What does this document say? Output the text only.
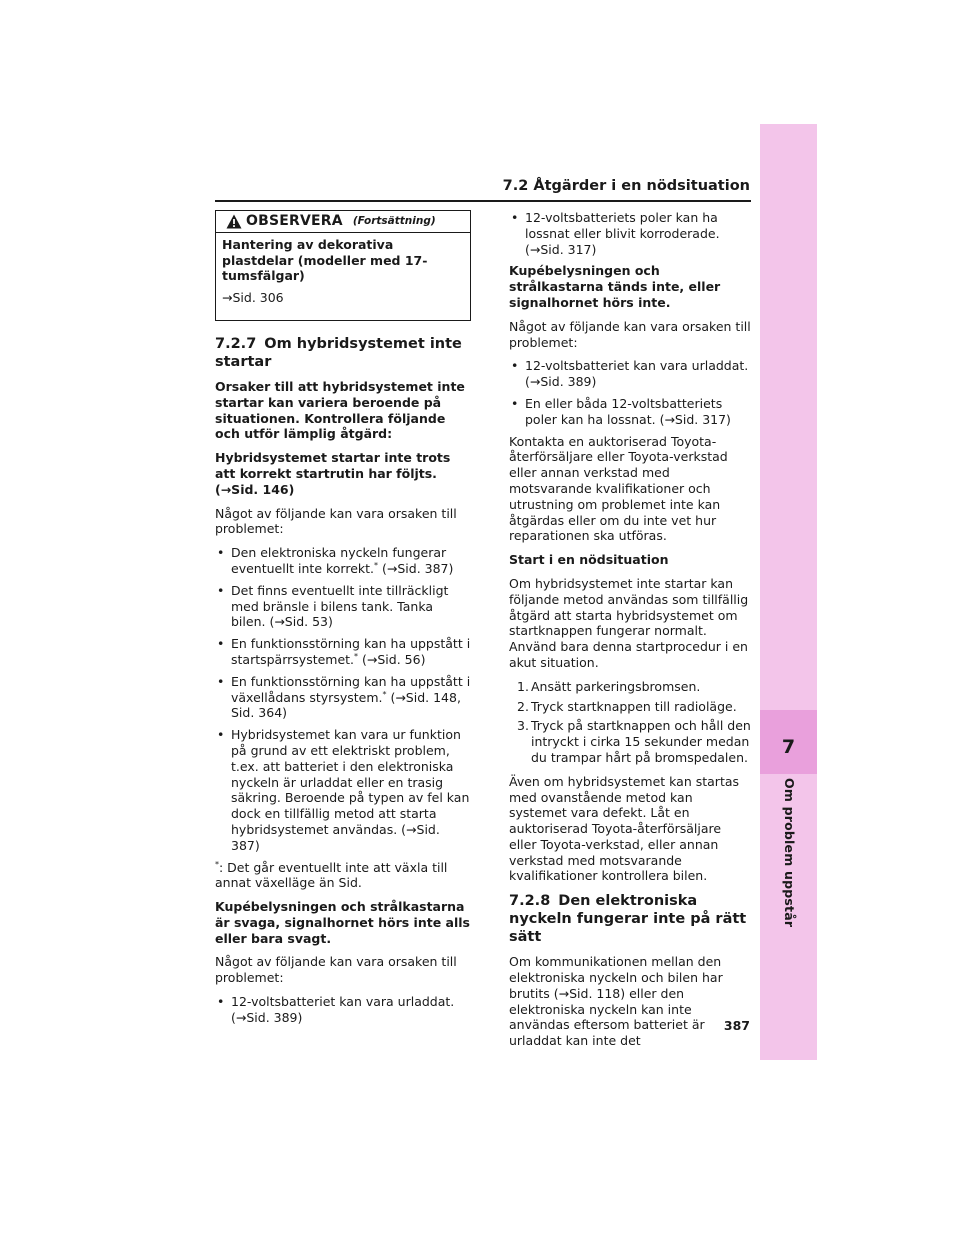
7
Om problem uppstår
7.2 Åtgärder i en nödsituation
OBSERVERA (Fortsättning)

Hantering av dekorativa plastdelar (modeller med 17-tumsfälgar)

→Sid. 306

7.2.7 Om hybridsystemet inte startar

Orsaker till att hybridsystemet inte startar kan variera beroende på situationen. Kontrollera följande och utför lämplig åtgärd:

Hybridsystemet startar inte trots att korrekt startrutin har följts. (→Sid. 146)

Något av följande kan vara orsaken till problemet:

• Den elektroniska nyckeln fungerar eventuellt inte korrekt.* (→Sid. 387)
• Det finns eventuellt inte tillräckligt med bränsle i bilens tank. Tanka bilen. (→Sid. 53)
• En funktionsstörning kan ha uppstått i startspärrsystemet.* (→Sid. 56)
• En funktionsstörning kan ha uppstått i växellådans styrsystem.* (→Sid. 148, Sid. 364)
• Hybridsystemet kan vara ur funktion på grund av ett elektriskt problem, t.ex. att batteriet i den elektroniska nyckeln är urladdat eller en trasig säkring. Beroende på typen av fel kan dock en tillfällig metod att starta hybridsystemet användas. (→Sid. 387)

*: Det går eventuellt inte att växla till annat växelläge än Sid.

Kupébelysningen och strålkastarna är svaga, signalhornet hörs inte alls eller bara svagt.

Något av följande kan vara orsaken till problemet:

• 12-voltsbatteriet kan vara urladdat. (→Sid. 389)
• 12-voltsbatteriets poler kan ha lossnat eller blivit korroderade. (→Sid. 317)

Kupébelysningen och strålkastarna tänds inte, eller signalhornet hörs inte.

Något av följande kan vara orsaken till problemet:

• 12-voltsbatteriet kan vara urladdat. (→Sid. 389)
• En eller båda 12-voltsbatteriets poler kan ha lossnat. (→Sid. 317)

Kontakta en auktoriserad Toyota-återförsäljare eller Toyota-verkstad eller annan verkstad med motsvarande kvalifikationer och utrustning om problemet inte kan åtgärdas eller om du inte vet hur reparationen ska utföras.

Start i en nödsituation

Om hybridsystemet inte startar kan följande metod användas som tillfällig åtgärd att starta hybridsystemet om startknappen fungerar normalt. Använd bara denna startprocedur i en akut situation.

1. Ansätt parkeringsbromsen.
2. Tryck startknappen till radioläge.
3. Tryck på startknappen och håll den intryckt i cirka 15 sekunder medan du trampar hårt på bromspedalen.

Även om hybridsystemet kan startas med ovanstående metod kan systemet vara defekt. Låt en auktoriserad Toyota-återförsäljare eller Toyota-verkstad, eller annan verkstad med motsvarande kvalifikationer kontrollera bilen.

7.2.8 Den elektroniska nyckeln fungerar inte på rätt sätt

Om kommunikationen mellan den elektroniska nyckeln och bilen har brutits (→Sid. 118) eller den elektroniska nyckeln kan inte användas eftersom batteriet är urladdat kan inte det

387
